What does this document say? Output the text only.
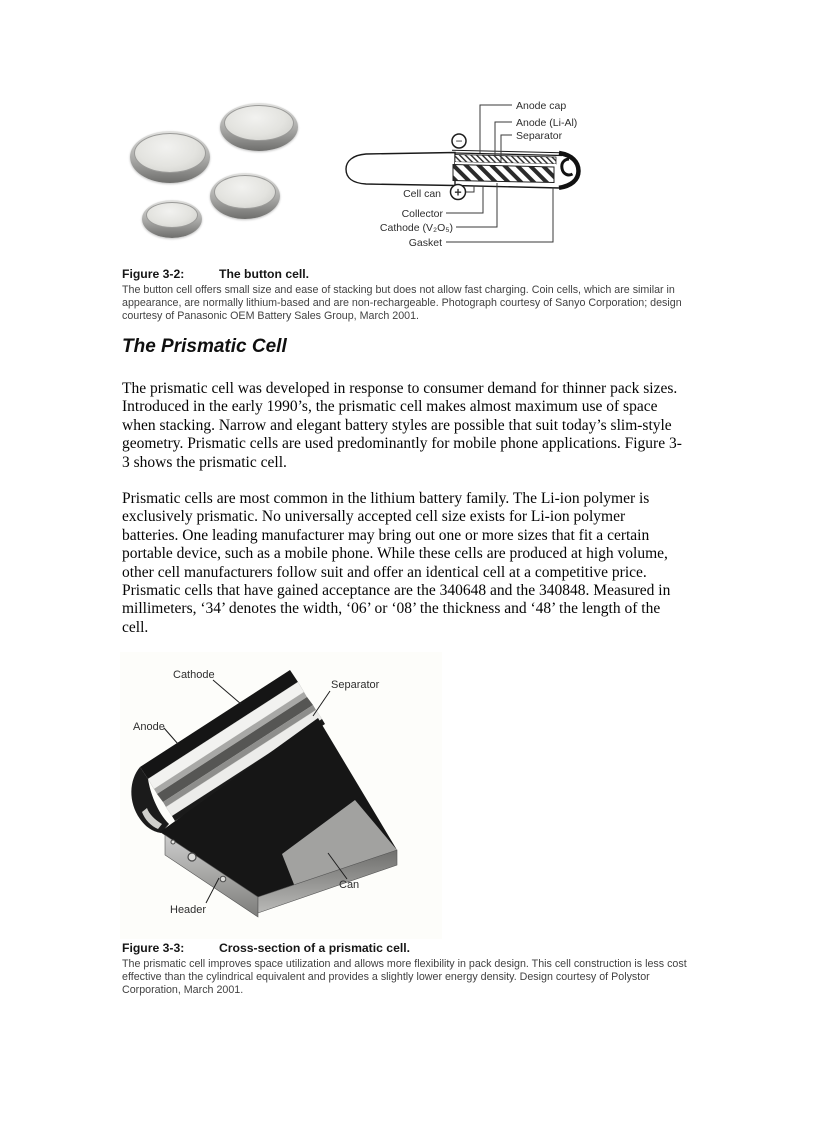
−
+
Anode cap
Anode (Li-Al)
Separator
Cell can
Collector
Cathode (V₂O₅)
Gasket
Figure 3-2:	The button cell.
The button cell offers small size and ease of stacking but does not allow fast charging. Coin cells, which are similar in appearance, are normally lithium-based and are non-rechargeable. Photograph courtesy of Sanyo Corporation; design courtesy of Panasonic OEM Battery Sales Group, March 2001.
The Prismatic Cell

The prismatic cell was developed in response to consumer demand for thinner pack sizes. Introduced in the early 1990’s, the prismatic cell makes almost maximum use of space when stacking. Narrow and elegant battery styles are possible that suit today’s slim-style geometry. Prismatic cells are used predominantly for mobile phone applications. Figure 3-3 shows the prismatic cell.

Prismatic cells are most common in the lithium battery family. The Li-ion polymer is exclusively prismatic. No universally accepted cell size exists for Li-ion polymer batteries. One leading manufacturer may bring out one or more sizes that fit a certain portable device, such as a mobile phone. While these cells are produced at high volume, other cell manufacturers follow suit and offer an identical cell at a competitive price. Prismatic cells that have gained acceptance are the 340648 and the 340848. Measured in millimeters, ‘34’ denotes the width, ‘06’ or ‘08’ the thickness and ‘48’ the length of the cell.

Cathode
Separator
Anode
Can
Header
Figure 3-3:	Cross-section of a prismatic cell.
The prismatic cell improves space utilization and allows more flexibility in pack design. This cell construction is less cost effective than the cylindrical equivalent and provides a slightly lower energy density. Design courtesy of Polystor Corporation, March 2001.
